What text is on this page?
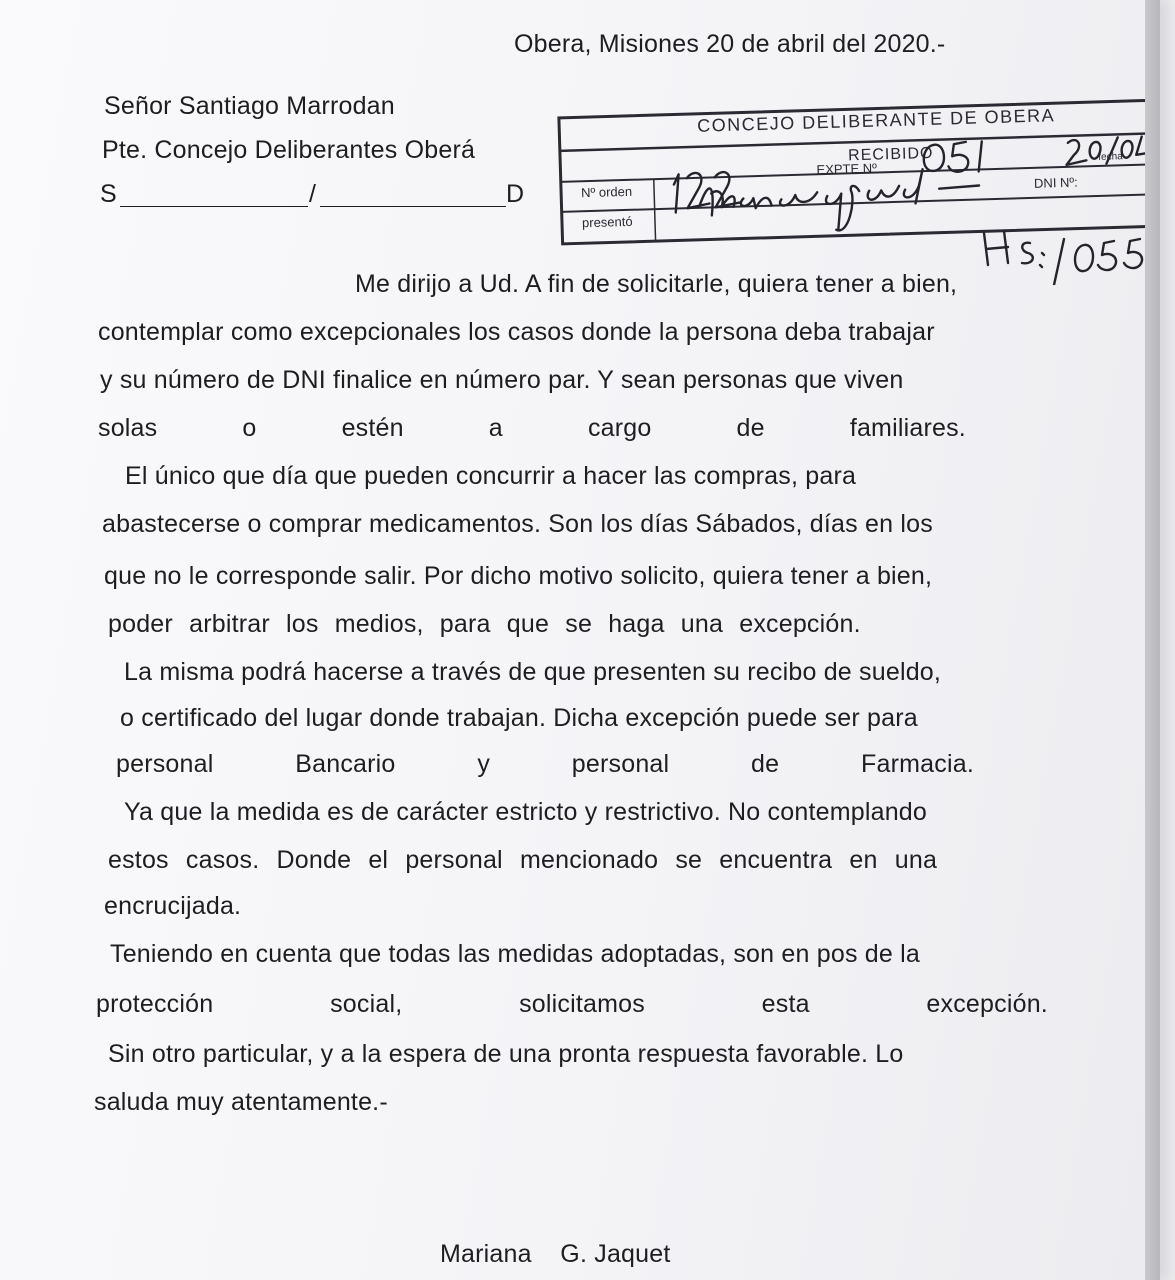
Obera, Misiones 20 de abril del 2020.-
Señor Santiago Marrodan
Pte. Concejo Deliberantes Oberá
S	/	D
CONCEJO DELIBERANTE DE OBERA
RECIBIDO
Nº orden
EXPTE Nº
fecha
presentó
DNI Nº:
Me dirijo a Ud. A fin de solicitarle, quiera tener a bien,
contemplar como excepcionales los casos donde la persona deba trabajar
y su número de DNI finalice en número par. Y sean personas que viven
solas	o	estén	a	cargo	de	familiares.
El único que día que pueden concurrir a hacer las compras, para
abastecerse o comprar medicamentos. Son los días Sábados, días en los
que no le corresponde salir. Por dicho motivo solicito, quiera tener a bien,
poder arbitrar los medios, para que se haga una excepción.
La misma podrá hacerse a través de que presenten su recibo de sueldo,
o certificado del lugar donde trabajan. Dicha excepción puede ser para
personal	Bancario	y	personal	de	Farmacia.
Ya que la medida es de carácter estricto y restrictivo. No contemplando
estos casos. Donde el personal mencionado se encuentra en una
encrucijada.
Teniendo en cuenta que todas las medidas adoptadas, son en pos de la
protección	social,	solicitamos	esta	excepción.
Sin otro particular, y a la espera de una pronta respuesta favorable. Lo
saluda muy atentamente.-
Mariana    G. Jaquet
